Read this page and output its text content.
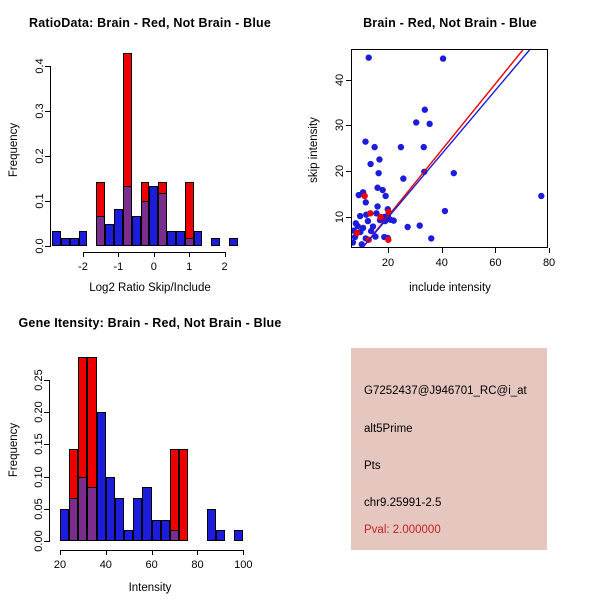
RatioData: Brain - Red, Not Brain - Blue
Frequency
Log2 Ratio Skip/Include
-2 -1 0	1	2
0.0
0.1
0.2
0.3
0.4
Brain - Red, Not Brain - Blue
skip intensity
include intensity
20	40	60	80
10
20
30
40
Gene Itensity: Brain - Red, Not Brain - Blue
Frequency
Intensity
20	40	60	80	100
0.00
0.05
0.10
0.15
0.20
0.25	G7252437@J946701_RC@i_at
alt5Prime
Pts
chr9.25991-2.5
Pval: 2.000000
